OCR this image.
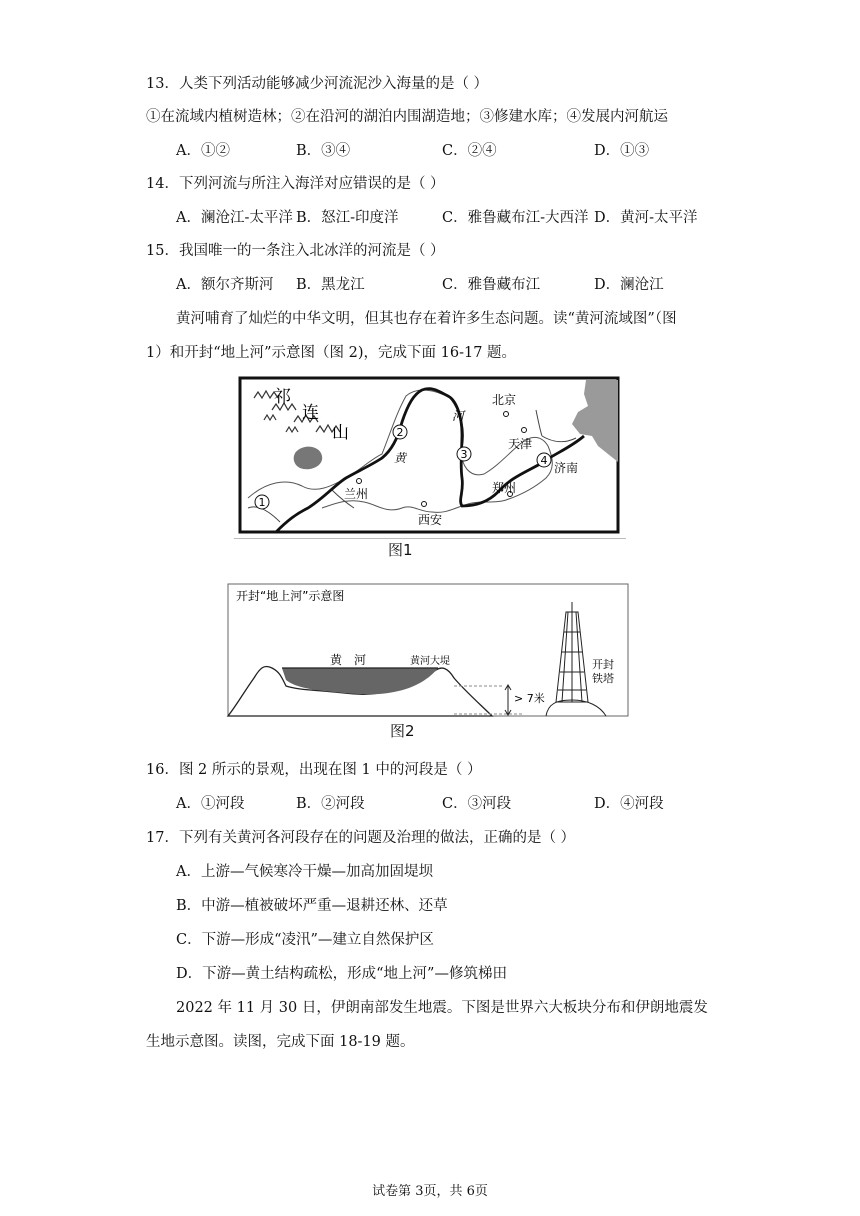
13．人类下列活动能够减少河流泥沙入海量的是（ ）
①在流域内植树造林；②在沿河的湖泊内围湖造地；③修建水库；④发展内河航运
A．①②	B．③④	C．②④	D．①③
14．下列河流与所注入海洋对应错误的是（ ）
A．澜沧江-太平洋 B．怒江-印度洋	C．雅鲁藏布江-大西洋 D．黄河-太平洋
15．我国唯一的一条注入北冰洋的河流是（ ）
A．额尔齐斯河 B．黑龙江	C．雅鲁藏布江	D．澜沧江
黄河哺育了灿烂的中华文明，但其也存在着许多生态问题。读“黄河流域图”（图
1）和开封“地上河”示意图（图 2)，完成下面 16-17 题。
1
2
3	4
祁
连
山
河
黄
北京
天津
济南
郑州
兰州
西安
图1
开封“地上河”示意图
> 7米
黄　河	黄河大堤	开封
铁塔
图2
16．图 2 所示的景观，出现在图 1 中的河段是（ ）
A．①河段	B．②河段	C．③河段	D．④河段
17．下列有关黄河各河段存在的问题及治理的做法，正确的是（ ）
A．上游—气候寒冷干燥—加高加固堤坝
B．中游—植被破坏严重—退耕还林、还草
C．下游—形成“凌汛”—建立自然保护区
D．下游—黄土结构疏松，形成“地上河”—修筑梯田
2022 年 11 月 30 日，伊朗南部发生地震。下图是世界六大板块分布和伊朗地震发
生地示意图。读图，完成下面 18-19 题。
试卷第 3页，共 6页
